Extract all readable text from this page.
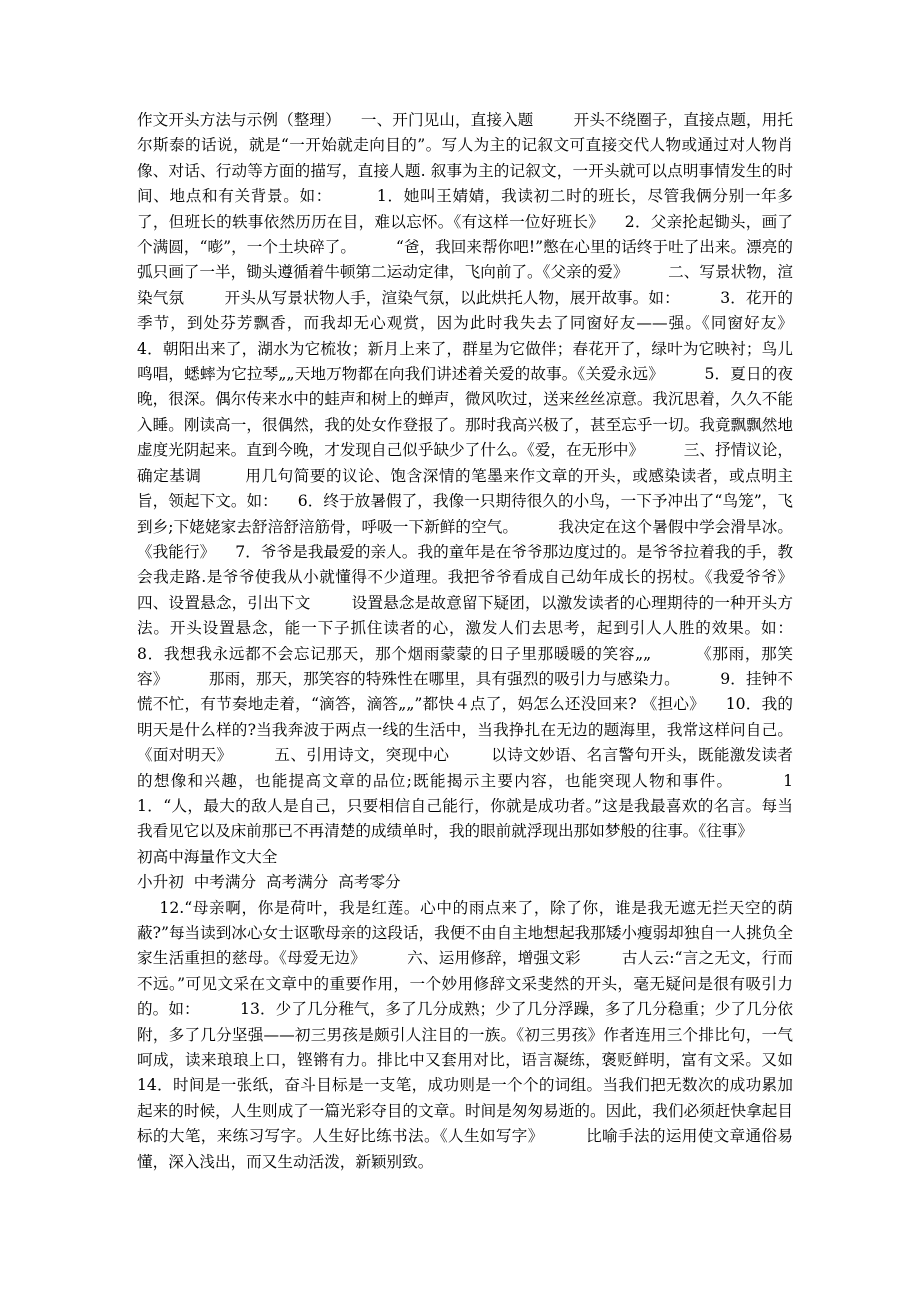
作文开头方法与示例（整理）    一、开门见山，直接入题        开头不绕圈子，直接点题，用托尔斯泰的话说，就是“一开始就走向目的”。写人为主的记叙文可直接交代人物或通过对人物肖像、对话、行动等方面的描写，直接人题. 叙事为主的记叙文，一开头就可以点明事情发生的时间、地点和有关背景。如：        1．她叫王婧婧，我读初二时的班长，尽管我俩分别一年多了，但班长的轶事依然历历在目，难以忘怀。《有这样一位好班长》    2．父亲抡起锄头，画了个满圆，“嘭”，一个土块碎了。        “爸，我回来帮你吧!”憋在心里的话终于吐了出来。漂亮的弧只画了一半，锄头遵循着牛顿第二运动定律，飞向前了。《父亲的爱》        二、写景状物，渲染气氛        开头从写景状物人手，渲染气氛，以此烘托人物，展开故事。如：        3．花开的季节，到处芬芳飘香，而我却无心观赏，因为此时我失去了同窗好友——强。《同窗好友》        4．朝阳出来了，湖水为它梳妆；新月上来了，群星为它做伴；春花开了，绿叶为它映衬；鸟儿鸣唱，蟋蟀为它拉琴„„天地万物都在向我们讲述着关爱的故事。《关爱永远》        5．夏日的夜晚，很深。偶尔传来水中的蛙声和树上的蝉声，微风吹过，送来丝丝凉意。我沉思着，久久不能入睡。刚读高一，很偶然，我的处女作登报了。那时我高兴极了，甚至忘乎一切。我竟飘飘然地虚度光阴起来。直到今晚，才发现自己似乎缺少了什么。《爱，在无形中》        三、抒情议论，确定基调        用几句简要的议论、饱含深情的笔墨来作文章的开头，或感染读者，或点明主旨，领起下文。如：    6．终于放暑假了，我像一只期待很久的小鸟，一下予冲出了“鸟笼”，飞到乡;下姥姥家去舒涪舒涪筋骨，呼吸一下新鲜的空气。        我决定在这个暑假中学会滑旱冰。《我能行》    7．爷爷是我最爱的亲人。我的童年是在爷爷那边度过的。是爷爷拉着我的手，教会我走路.是爷爷使我从小就懂得不少道理。我把爷爷看成自己幼年成长的拐杖。《我爱爷爷》        四、设置悬念，引出下文        设置悬念是故意留下疑团，以激发读者的心理期待的一种开头方法。开头设置悬念，能一下子抓住读者的心，激发人们去思考，起到引人人胜的效果。如：    8．我想我永远都不会忘记那天，那个烟雨蒙蒙的日子里那暖暖的笑容„„        《那雨，那笑容》        那雨，那天，那笑容的特殊性在哪里，具有强烈的吸引力与感染力。        9．挂钟不慌不忙，有节奏地走着，“滴答，滴答„„”都快４点了，妈怎么还没回来? 《担心》    10．我的明天是什么样的?当我奔波于两点一线的生活中，当我挣扎在无边的题海里，我常这样问自己。《面对明天》        五、引用诗文，突现中心        以诗文妙语、名言警句开头，既能激发读者的想像和兴趣，也能提高文章的品位;既能揭示主要内容，也能突现人物和事件。        11．“人，最大的敌人是自己，只要相信自己能行，你就是成功者。”这是我最喜欢的名言。每当我看见它以及床前那已不再清楚的成绩单时，我的眼前就浮现出那如梦般的往事。《往事》

初高中海量作文大全

小升初  中考满分  高考满分  高考零分

12.“母亲啊，你是荷叶，我是红莲。心中的雨点来了，除了你，谁是我无遮无拦天空的荫蔽?”每当读到冰心女士讴歌母亲的这段话，我便不由自主地想起我那矮小瘦弱却独自一人挑负全家生活重担的慈母。《母爱无边》        六、运用修辞，增强文彩        古人云:“言之无文，行而不远。”可见文采在文章中的重要作用，一个妙用修辞文采斐然的开头，毫无疑问是很有吸引力的。如：        13．少了几分稚气，多了几分成熟；少了几分浮躁，多了几分稳重；少了几分依附，多了几分坚强——初三男孩是颇引人注目的一族。《初三男孩》作者连用三个排比句，一气呵成，读来琅琅上口，铿锵有力。排比中又套用对比，语言凝练，褒贬鲜明，富有文采。又如        14．时间是一张纸，奋斗目标是一支笔，成功则是一个个的词组。当我们把无数次的成功累加起来的时候，人生则成了一篇光彩夺目的文章。时间是匆匆易逝的。因此，我们必须赶快拿起目标的大笔，来练习写字。人生好比练书法。《人生如写字》        比喻手法的运用使文章通俗易懂，深入浅出，而又生动活泼，新颖别致。
